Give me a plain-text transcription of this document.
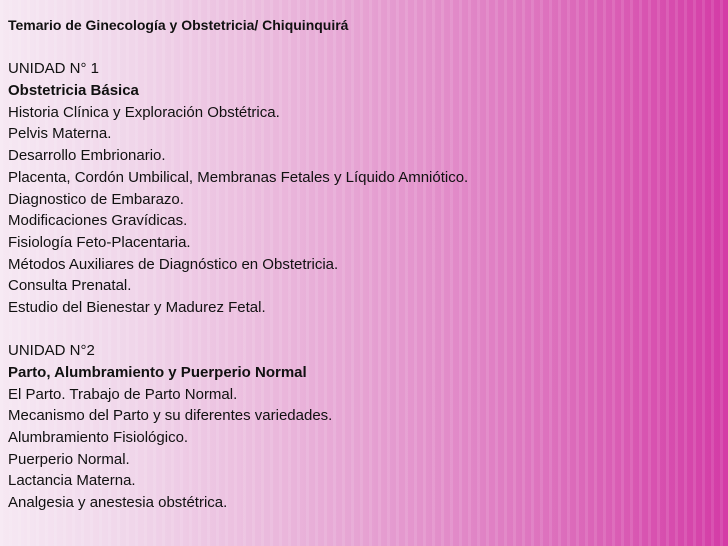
Temario de Ginecología y Obstetricia/ Chiquinquirá
UNIDAD N° 1
Obstetricia Básica
Historia Clínica y Exploración Obstétrica.
Pelvis Materna.
Desarrollo Embrionario.
Placenta, Cordón Umbilical, Membranas Fetales y Líquido Amniótico.
Diagnostico de Embarazo.
Modificaciones Gravídicas.
Fisiología Feto-Placentaria.
Métodos Auxiliares de Diagnóstico en Obstetricia.
Consulta Prenatal.
Estudio del Bienestar y Madurez Fetal.
UNIDAD N°2
Parto, Alumbramiento y Puerperio Normal
El Parto. Trabajo de Parto Normal.
Mecanismo del Parto y su diferentes variedades.
Alumbramiento Fisiológico.
Puerperio Normal.
Lactancia Materna.
Analgesia y anestesia obstétrica.
